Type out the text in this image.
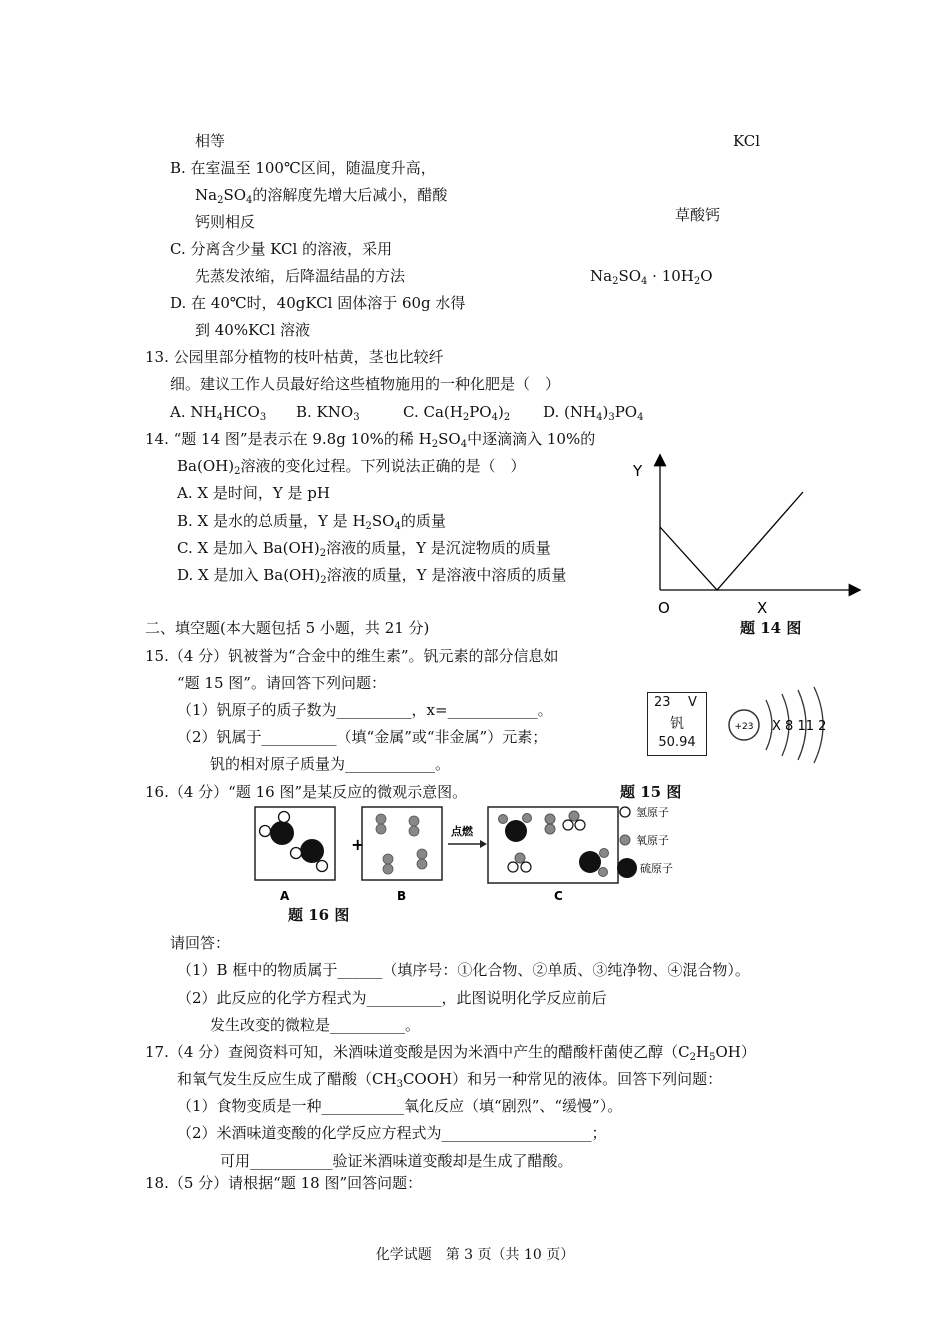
相等	KCl
B. 在室温至 100℃区间，随温度升高，
$Na_2SO_4$的溶解度先增大后减小，醋酸
草酸钙
钙则相反
C. 分离含少量 KCl 的溶液，采用
先蒸发浓缩，后降温结晶的方法	$Na_2SO_4 \cdot 10H_2O$
D. 在 40℃时，40gKCl 固体溶于 60g 水得
到 40%KCl 溶液
13. 公园里部分植物的枝叶枯黄，茎也比较纤
细。建议工作人员最好给这些植物施用的一种化肥是（　）
A. $NH_4HCO_3$ B. $KNO_3$	C. $Ca(H_2PO_4)_2$ D. $(NH_4)_3PO_4$
14. “题 14 图”是表示在 9.8g 10%的稀 $H_2SO_4$中逐滴滴入 10%的
$Ba(OH)_2$溶液的变化过程。下列说法正确的是（　）
A. X 是时间，Y 是 pH
B. X 是水的总质量，Y 是 $H_2SO_4$的质量
C. X 是加入 $Ba(OH)_2$溶液的质量，Y 是沉淀物质的质量
D. X 是加入 $Ba(OH)_2$溶液的质量，Y 是溶液中溶质的质量
Y
O	X
二、填空题(本大题包括 5 小题，共 21 分)	题 14 图
15.（4 分）钒被誉为“合金中的维生素”。钒元素的部分信息如
“题 15 图”。请回答下列问题：
（1）钒原子的质子数为__________，x=____________。
（2）钒属于__________（填“金属”或“非金属”）元素；
钒的相对原子质量为____________。
23 V
钒
50.94
+23 X 8 11 2
题 15 图
16.（4 分）“题 16 图”是某反应的微观示意图。
+
点燃
氢原子
氧原子
硫原子
A	B	C
题 16 图
请回答：
（1）B 框中的物质属于______（填序号：①化合物、②单质、③纯净物、④混合物）。
（2）此反应的化学方程式为__________，此图说明化学反应前后
发生改变的微粒是__________。
17.（4 分）查阅资料可知，米酒味道变酸是因为米酒中产生的醋酸杆菌使乙醇$(C_2H_5OH)$
和氧气发生反应生成了醋酸$(CH_3COOH)$和另一种常见的液体。回答下列问题：
（1）食物变质是一种___________氧化反应（填“剧烈”、“缓慢”）。
（2）米酒味道变酸的化学反应方程式为____________________；
可用___________验证米酒味道变酸却是生成了醋酸。
18.（5 分）请根据“题 18 图”回答问题：
化学试题　第 3 页（共 10 页）
